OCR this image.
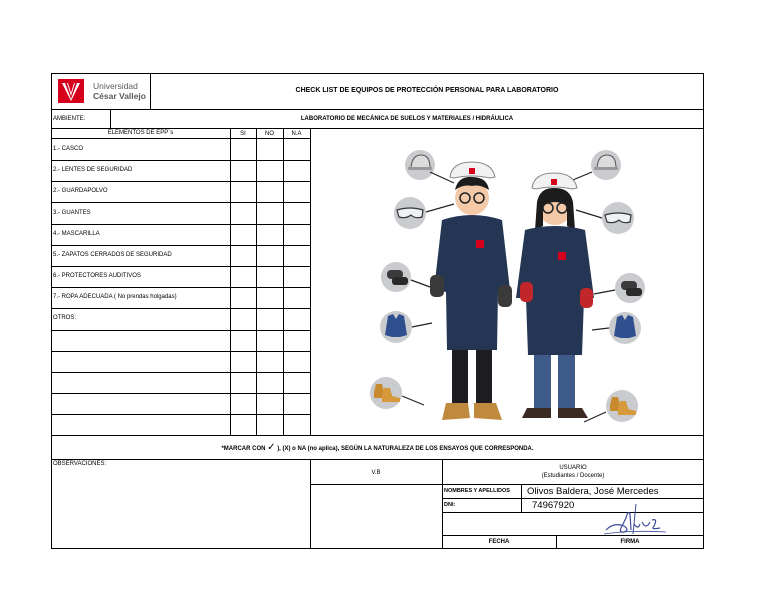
Universidad
César Vallejo
CHECK LIST DE EQUIPOS DE PROTECCIÓN PERSONAL PARA LABORATORIO
AMBIENTE:	LABORATORIO DE MECÁNICA DE SUELOS Y MATERIALES / HIDRÁULICA
ELEMENTOS DE EPP´s	SI	NO	N.A
1.- CASCO
2.- LENTES DE SEGURIDAD
2.- GUARDAPOLVO
3.- GUANTES
4.- MASCARILLA
5.- ZAPATOS CERRADOS DE SEGURIDAD
6.- PROTECTORES AUDITIVOS
7.- ROPA ADECUADA ( No prendas holgadas)
OTROS:
*MARCAR CON ✓ ), (X) o NA (no aplica), SEGÚN LA NATURALEZA DE LOS ENSAYOS QUE CORRESPONDA.
OBSERVACIONES:
V.B
USUARIO
(Estudiantes / Docente)
NOMBRES Y APELLIDOS Olivos Baldera, José Mercedes
DNI:	74967920
FECHA	FIRMA
